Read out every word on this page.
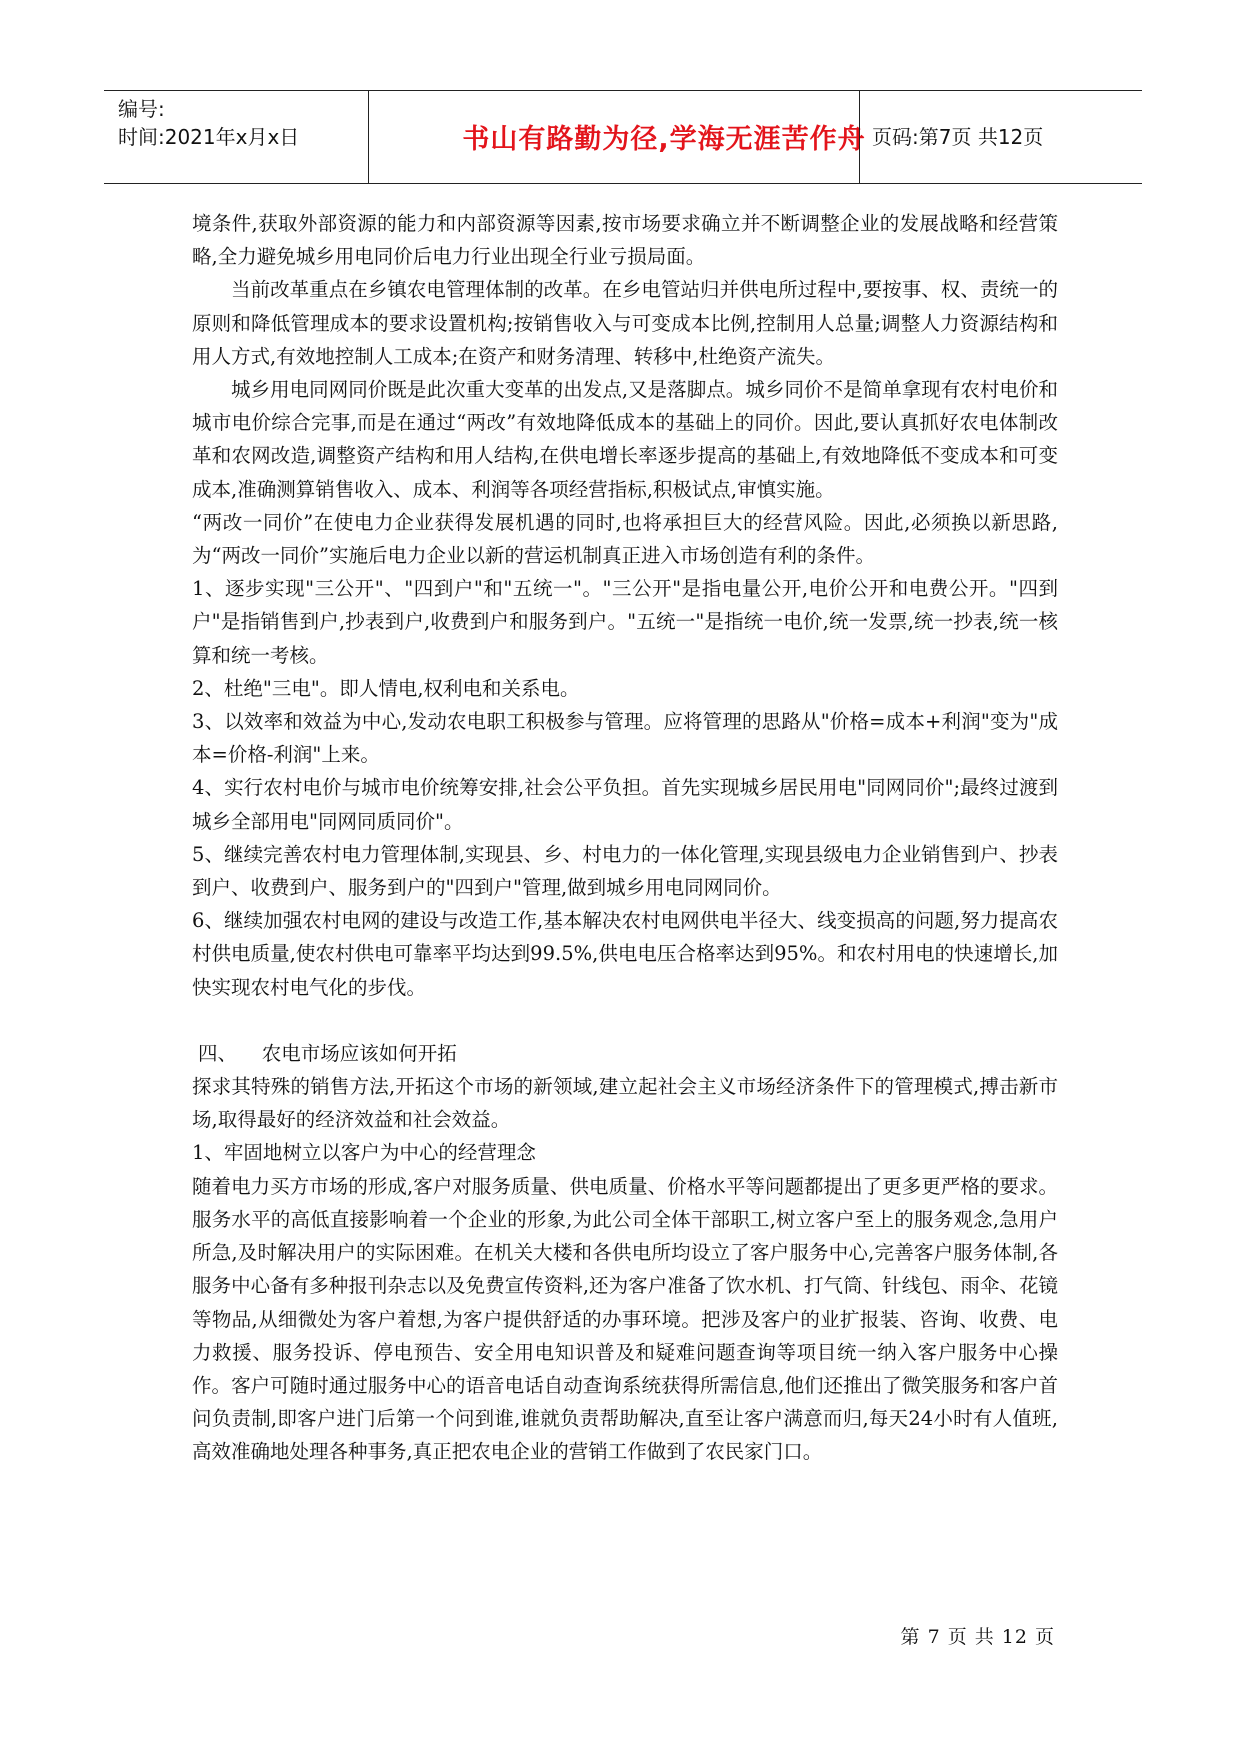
编号:
时间:2021年x月x日	书山有路勤为径,学海无涯苦作舟 页码:第7页 共12页

境条件,获取外部资源的能力和内部资源等因素,按市场要求确立并不断调整企业的发展战略和经营策略,全力避免城乡用电同价后电力行业出现全行业亏损局面。

当前改革重点在乡镇农电管理体制的改革。在乡电管站归并供电所过程中,要按事、权、责统一的原则和降低管理成本的要求设置机构;按销售收入与可变成本比例,控制用人总量;调整人力资源结构和用人方式,有效地控制人工成本;在资产和财务清理、转移中,杜绝资产流失。

城乡用电同网同价既是此次重大变革的出发点,又是落脚点。城乡同价不是简单拿现有农村电价和城市电价综合完事,而是在通过“两改”有效地降低成本的基础上的同价。因此,要认真抓好农电体制改革和农网改造,调整资产结构和用人结构,在供电增长率逐步提高的基础上,有效地降低不变成本和可变成本,准确测算销售收入、成本、利润等各项经营指标,积极试点,审慎实施。

“两改一同价”在使电力企业获得发展机遇的同时,也将承担巨大的经营风险。因此,必须换以新思路,为“两改一同价”实施后电力企业以新的营运机制真正进入市场创造有利的条件。

1、逐步实现"三公开"、"四到户"和"五统一"。"三公开"是指电量公开,电价公开和电费公开。"四到户"是指销售到户,抄表到户,收费到户和服务到户。"五统一"是指统一电价,统一发票,统一抄表,统一核算和统一考核。

2、杜绝"三电"。即人情电,权利电和关系电。

3、以效率和效益为中心,发动农电职工积极参与管理。应将管理的思路从"价格=成本+利润"变为"成本=价格-利润"上来。

4、实行农村电价与城市电价统筹安排,社会公平负担。首先实现城乡居民用电"同网同价";最终过渡到城乡全部用电"同网同质同价"。

5、继续完善农村电力管理体制,实现县、乡、村电力的一体化管理,实现县级电力企业销售到户、抄表到户、收费到户、服务到户的"四到户"管理,做到城乡用电同网同价。

6、继续加强农村电网的建设与改造工作,基本解决农村电网供电半径大、线变损高的问题,努力提高农村供电质量,使农村供电可靠率平均达到99.5%,供电电压合格率达到95%。和农村用电的快速增长,加快实现农村电气化的步伐。

四、    农电市场应该如何开拓

探求其特殊的销售方法,开拓这个市场的新领域,建立起社会主义市场经济条件下的管理模式,搏击新市场,取得最好的经济效益和社会效益。

1、牢固地树立以客户为中心的经营理念

随着电力买方市场的形成,客户对服务质量、供电质量、价格水平等问题都提出了更多更严格的要求。服务水平的高低直接影响着一个企业的形象,为此公司全体干部职工,树立客户至上的服务观念,急用户所急,及时解决用户的实际困难。在机关大楼和各供电所均设立了客户服务中心,完善客户服务体制,各服务中心备有多种报刊杂志以及免费宣传资料,还为客户准备了饮水机、打气筒、针线包、雨伞、花镜等物品,从细微处为客户着想,为客户提供舒适的办事环境。把涉及客户的业扩报装、咨询、收费、电力救援、服务投诉、停电预告、安全用电知识普及和疑难问题查询等项目统一纳入客户服务中心操作。客户可随时通过服务中心的语音电话自动查询系统获得所需信息,他们还推出了微笑服务和客户首问负责制,即客户进门后第一个问到谁,谁就负责帮助解决,直至让客户满意而归,每天24小时有人值班,高效准确地处理各种事务,真正把农电企业的营销工作做到了农民家门口。

第 7 页 共 12 页
